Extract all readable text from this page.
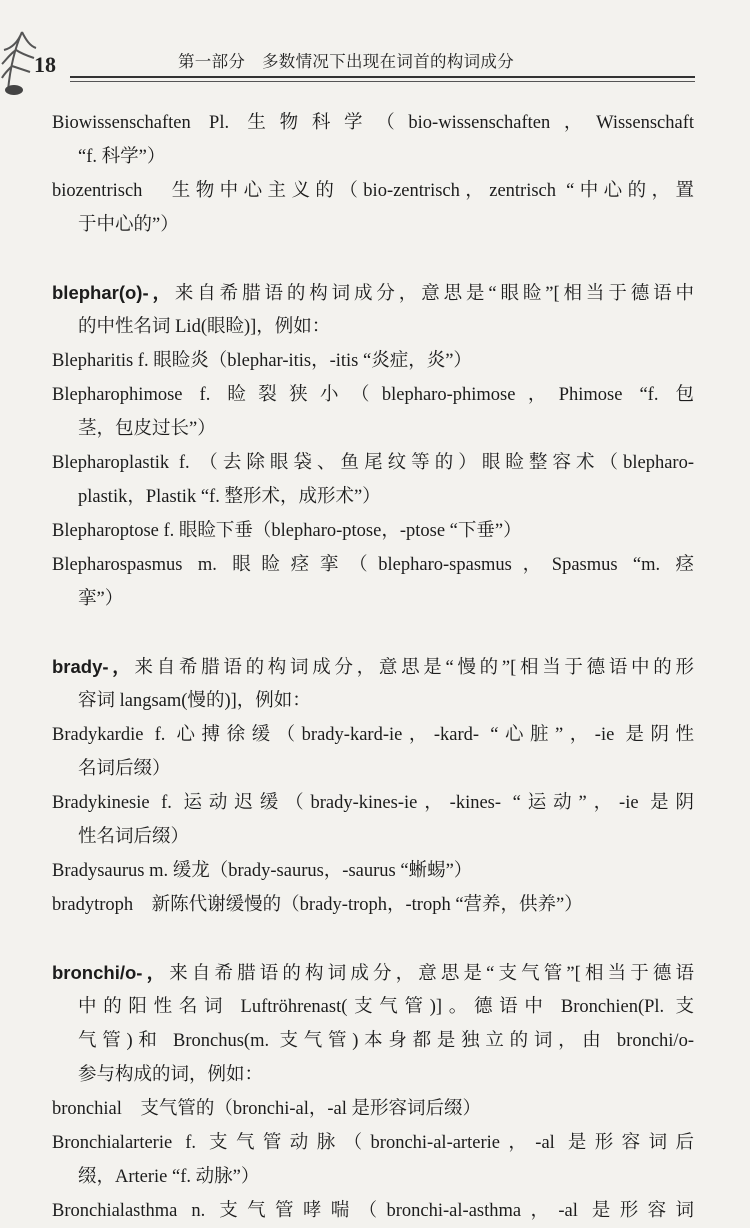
18	第一部分　多数情况下出现在词首的构词成分
Biowissenschaften Pl. 生物科学（bio-wissenschaften，Wissenschaft
“f. 科学”）
biozentrisch　生物中心主义的（bio-zentrisch，zentrisch “中心的，置
于中心的”）
blephar(o)-，来自希腊语的构词成分，意思是“眼睑”[相当于德语中
的中性名词 Lid(眼睑)]，例如：
Blepharitis f. 眼睑炎（blephar-itis，-itis “炎症，炎”）
Blepharophimose f. 睑裂狭小（blepharo-phimose，Phimose “f. 包
茎，包皮过长”）
Blepharoplastik f. （去除眼袋、鱼尾纹等的）眼睑整容术（blepharo-
plastik，Plastik “f. 整形术，成形术”）
Blepharoptose f. 眼睑下垂（blepharo-ptose，-ptose “下垂”）
Blepharospasmus m. 眼睑痉挛（blepharo-spasmus，Spasmus “m. 痉
挛”）
brady-，来自希腊语的构词成分，意思是“慢的”[相当于德语中的形
容词 langsam(慢的)]，例如：
Bradykardie f. 心搏徐缓（brady-kard-ie，-kard- “心脏”，-ie 是阴性
名词后缀）
Bradykinesie f. 运动迟缓（brady-kines-ie，-kines- “运动”，-ie 是阴
性名词后缀）
Bradysaurus m. 缓龙（brady-saurus，-saurus “蜥蜴”）
bradytroph　新陈代谢缓慢的（brady-troph，-troph “营养，供养”）
bronchi/o-，来自希腊语的构词成分，意思是“支气管”[相当于德语
中的阳性名词 Luftröhrenast(支气管)]。德语中 Bronchien(Pl. 支
气管)和 Bronchus(m. 支气管)本身都是独立的词，由 bronchi/o-
参与构成的词，例如：
bronchial　支气管的（bronchi-al，-al 是形容词后缀）
Bronchialarterie f. 支气管动脉（bronchi-al-arterie，-al 是形容词后
缀，Arterie “f. 动脉”）
Bronchialasthma n. 支气管哮喘（bronchi-al-asthma，-al 是形容词
